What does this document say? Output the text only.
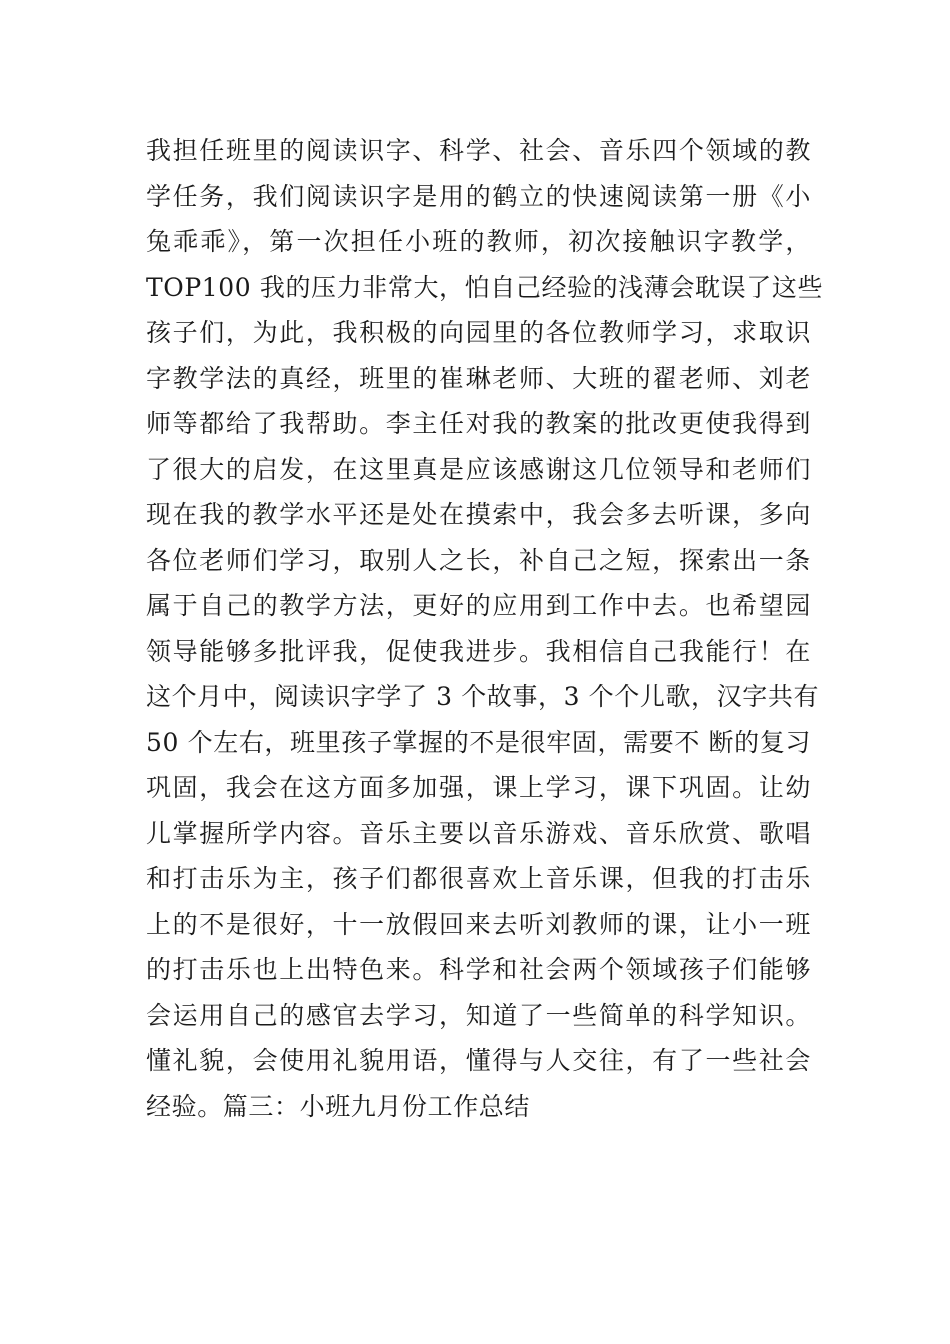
我担任班里的阅读识字、科学、社会、音乐四个领域的教
学任务，我们阅读识字是用的鹤立的快速阅读第一册《小
兔乖乖》，第一次担任小班的教师，初次接触识字教学，
TOP100 我的压力非常大，怕自己经验的浅薄会耽误了这些
孩子们，为此，我积极的向园里的各位教师学习，求取识
字教学法的真经，班里的崔琳老师、大班的翟老师、刘老
师等都给了我帮助。李主任对我的教案的批改更使我得到
了很大的启发，在这里真是应该感谢这几位领导和老师们
现在我的教学水平还是处在摸索中，我会多去听课，多向
各位老师们学习，取别人之长，补自己之短，探索出一条
属于自己的教学方法，更好的应用到工作中去。也希望园
领导能够多批评我，促使我进步。我相信自己我能行！在
这个月中，阅读识字学了 3 个故事，3 个个儿歌，汉字共有
50 个左右，班里孩子掌握的不是很牢固，需要不 断的复习
巩固，我会在这方面多加强，课上学习，课下巩固。让幼
儿掌握所学内容。音乐主要以音乐游戏、音乐欣赏、歌唱
和打击乐为主，孩子们都很喜欢上音乐课，但我的打击乐
上的不是很好，十一放假回来去听刘教师的课，让小一班
的打击乐也上出特色来。科学和社会两个领域孩子们能够
会运用自己的感官去学习，知道了一些简单的科学知识。
懂礼貌，会使用礼貌用语，懂得与人交往，有了一些社会
经验。篇三：小班九月份工作总结
